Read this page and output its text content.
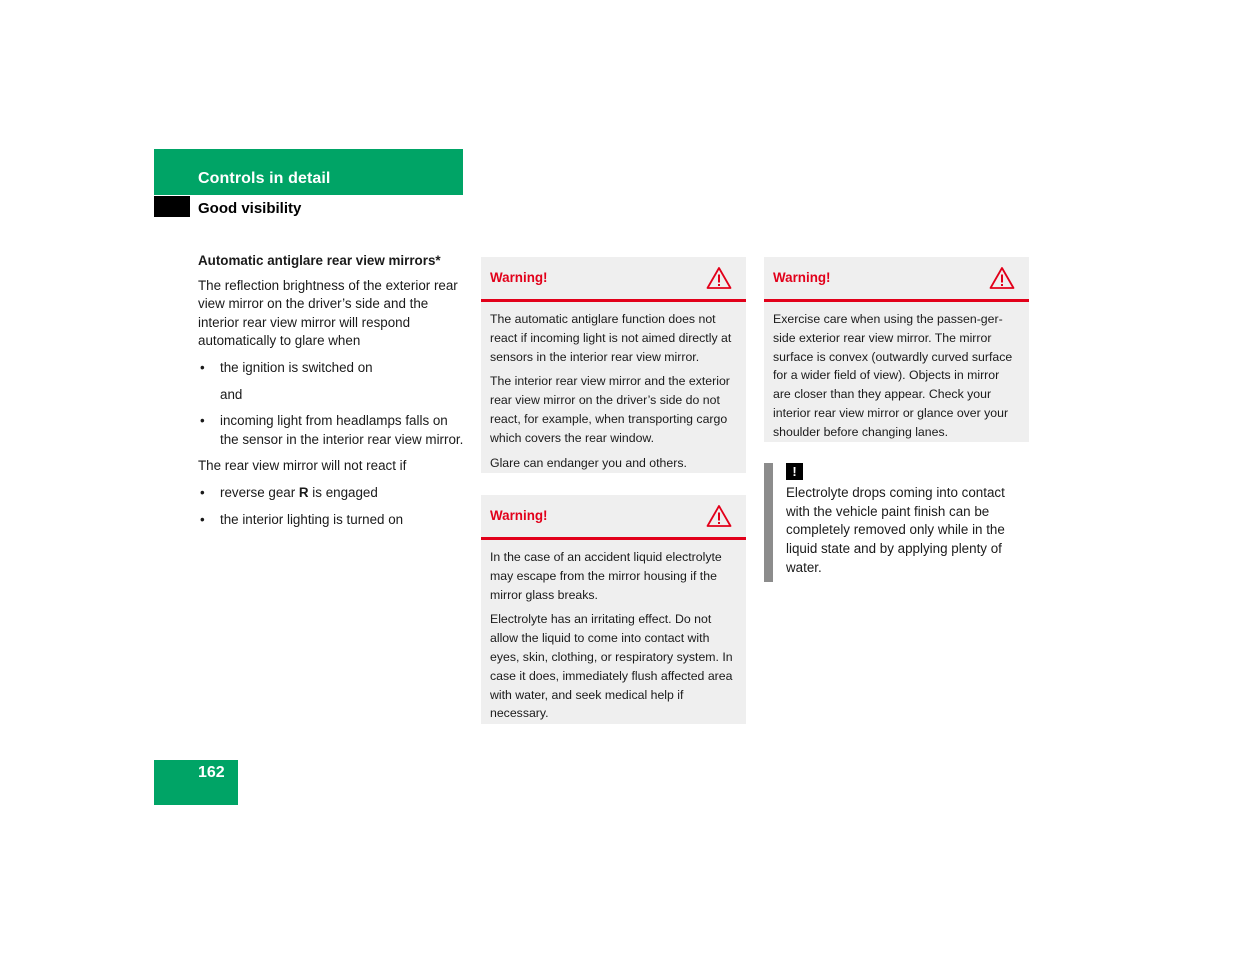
Controls in detail
Good visibility

Automatic antiglare rear view mirrors*

The reflection brightness of the exterior rear view mirror on the driver’s side and the interior rear view mirror will respond automatically to glare when

• the ignition is switched on

and

• incoming light from headlamps falls on the sensor in the interior rear view mirror.

The rear view mirror will not react if

• reverse gear R is engaged
• the interior lighting is turned on
Warning!

The automatic antiglare function does not react if incoming light is not aimed directly at sensors in the interior rear view mirror.

The interior rear view mirror and the exterior rear view mirror on the driver’s side do not react, for example, when transporting cargo which covers the rear window.

Glare can endanger you and others.

Warning!

In the case of an accident liquid electrolyte may escape from the mirror housing if the mirror glass breaks.

Electrolyte has an irritating effect. Do not allow the liquid to come into contact with eyes, skin, clothing, or respiratory system. In case it does, immediately flush affected area with water, and seek medical help if necessary.

Warning!

Exercise care when using the passen-ger-side exterior rear view mirror. The mirror surface is convex (outwardly curved surface for a wider field of view). Objects in mirror are closer than they appear. Check your interior rear view mirror or glance over your shoulder before changing lanes.

!
Electrolyte drops coming into contact with the vehicle paint finish can be completely removed only while in the liquid state and by applying plenty of water.
162
